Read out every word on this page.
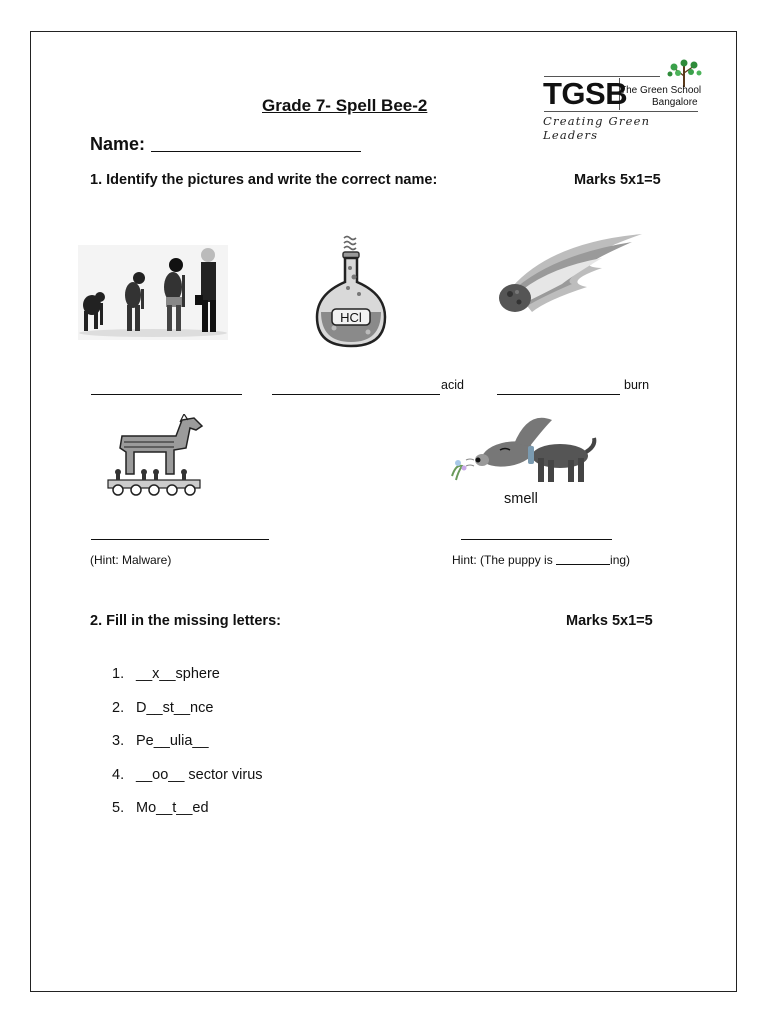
TGSB
The Green School
Bangalore
Creating Green Leaders
Grade 7- Spell Bee-2
Name:
1. Identify the pictures and write the correct name:	Marks 5x1=5
HCl
acid	burn
smell
(Hint: Malware)	Hint: (The puppy is	ing)
2. Fill in the missing letters:	Marks 5x1=5
1. __x__sphere
2. D__st__nce
3. Pe__ulia__
4. __oo__ sector virus
5. Mo__t__ed
